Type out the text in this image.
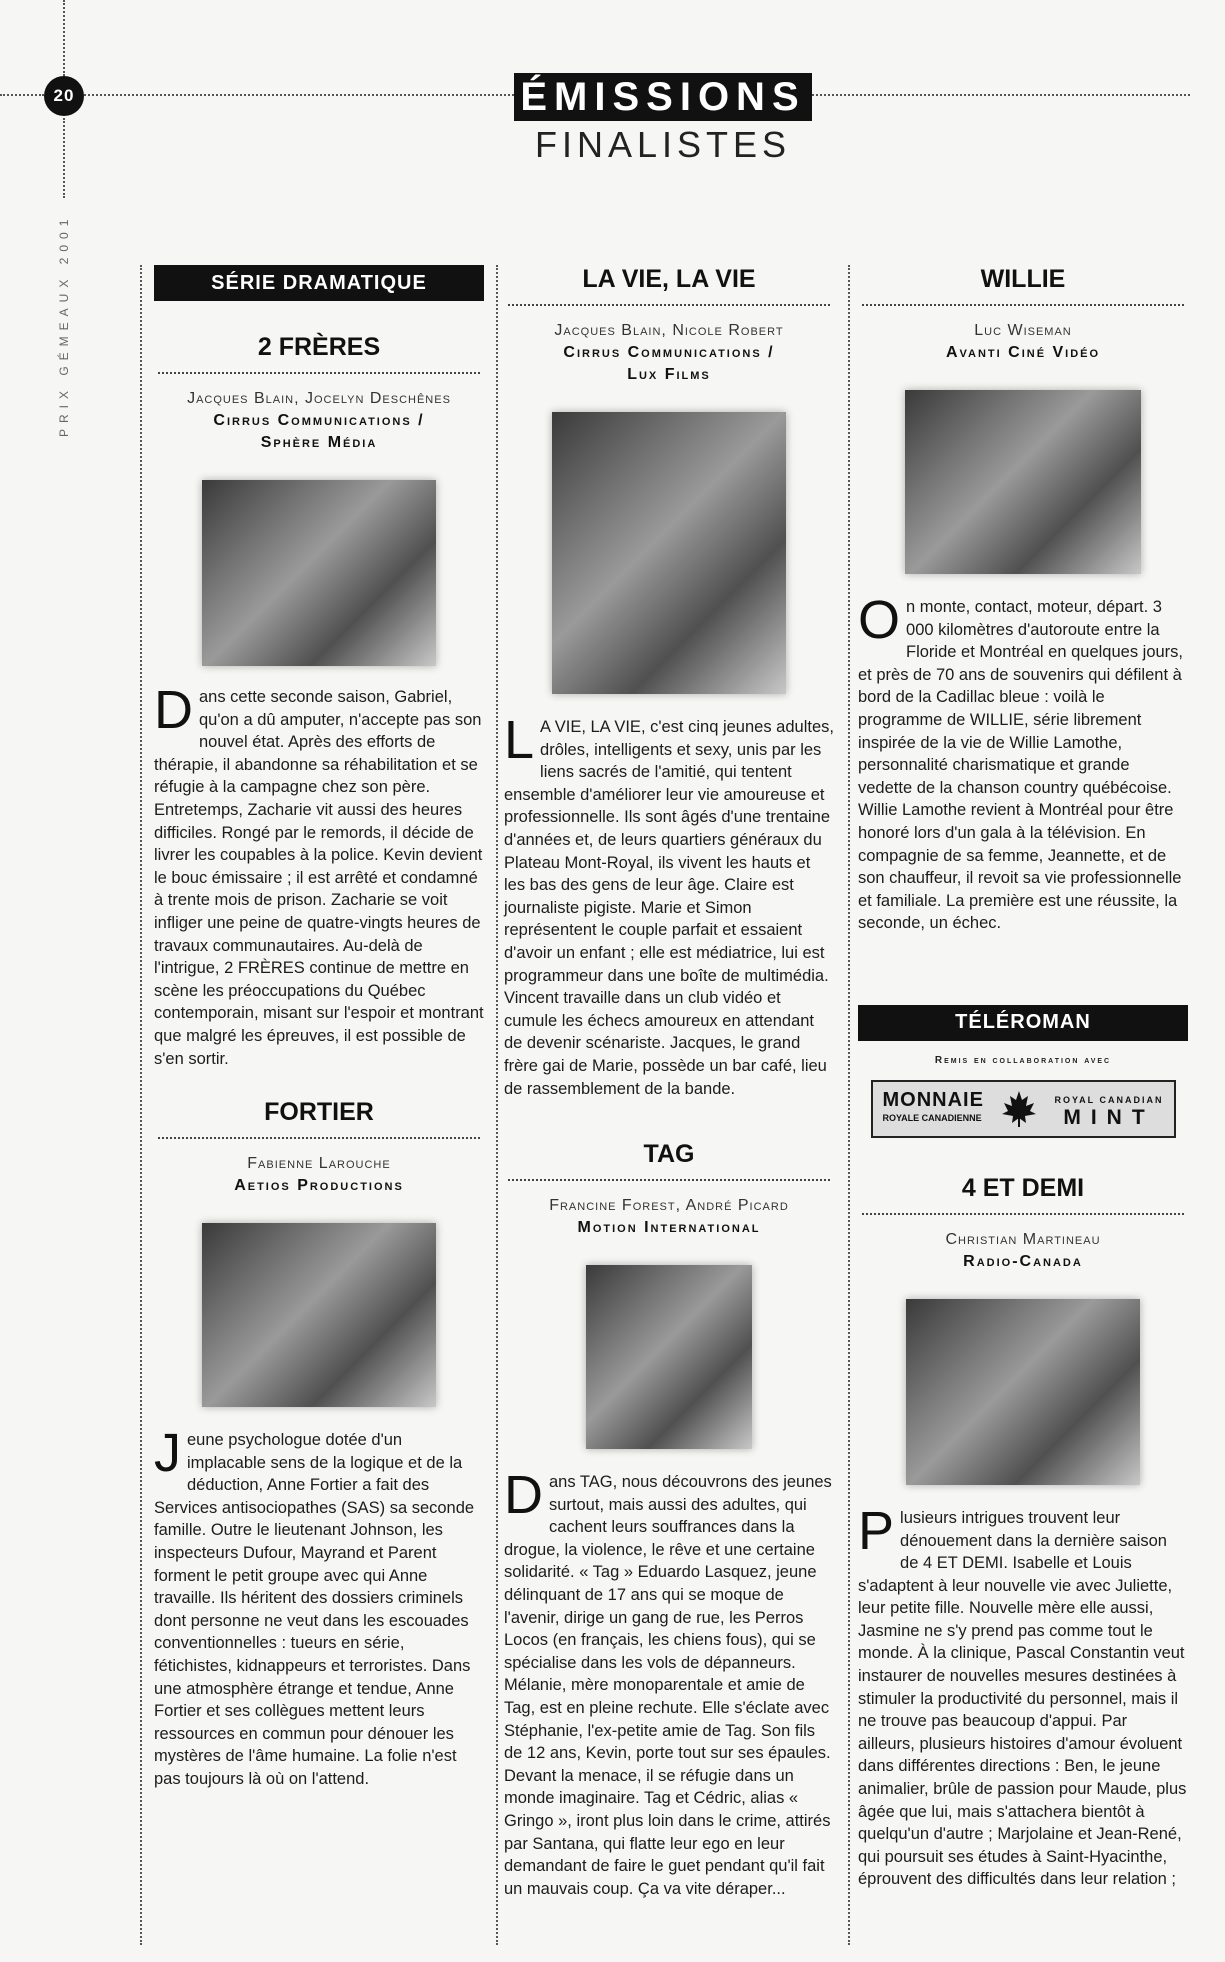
20
PRIX GÉMEAUX 2001
ÉMISSIONS
FINALISTES
SÉRIE DRAMATIQUE
2 FRÈRES
Jacques Blain, Jocelyn Deschênes
Cirrus Communications /
Sphère Média
Dans cette seconde saison, Gabriel, qu'on a dû amputer, n'accepte pas son nouvel état. Après des efforts de thérapie, il abandonne sa réhabilitation et se réfugie à la campagne chez son père. Entretemps, Zacharie vit aussi des heures difficiles. Rongé par le remords, il décide de livrer les coupables à la police. Kevin devient le bouc émissaire ; il est arrêté et condamné à trente mois de prison. Zacharie se voit infliger une peine de quatre-vingts heures de travaux communautaires. Au-delà de l'intrigue, 2 FRÈRES continue de mettre en scène les préoccupations du Québec contemporain, misant sur l'espoir et montrant que malgré les épreuves, il est possible de s'en sortir.
FORTIER
Fabienne Larouche
Aetios Productions
Jeune psychologue dotée d'un implacable sens de la logique et de la déduction, Anne Fortier a fait des Services antisociopathes (SAS) sa seconde famille. Outre le lieutenant Johnson, les inspecteurs Dufour, Mayrand et Parent forment le petit groupe avec qui Anne travaille. Ils héritent des dossiers criminels dont personne ne veut dans les escouades conventionnelles : tueurs en série, fétichistes, kidnappeurs et terroristes. Dans une atmosphère étrange et tendue, Anne Fortier et ses collègues mettent leurs ressources en commun pour dénouer les mystères de l'âme humaine. La folie n'est pas toujours là où on l'attend.
LA VIE, LA VIE
Jacques Blain, Nicole Robert
Cirrus Communications /
Lux Films
L A VIE, LA VIE, c'est cinq jeunes adultes, drôles, intelligents et sexy, unis par les liens sacrés de l'amitié, qui tentent ensemble d'améliorer leur vie amoureuse et professionnelle. Ils sont âgés d'une trentaine d'années et, de leurs quartiers généraux du Plateau Mont-Royal, ils vivent les hauts et les bas des gens de leur âge. Claire est journaliste pigiste. Marie et Simon représentent le couple parfait et essaient d'avoir un enfant ; elle est médiatrice, lui est programmeur dans une boîte de multimédia. Vincent travaille dans un club vidéo et cumule les échecs amoureux en attendant de devenir scénariste. Jacques, le grand frère gai de Marie, possède un bar café, lieu de rassemblement de la bande.
TAG
Francine Forest, André Picard
Motion International
Dans TAG, nous découvrons des jeunes surtout, mais aussi des adultes, qui cachent leurs souffrances dans la drogue, la violence, le rêve et une certaine solidarité. « Tag » Eduardo Lasquez, jeune délinquant de 17 ans qui se moque de l'avenir, dirige un gang de rue, les Perros Locos (en français, les chiens fous), qui se spécialise dans les vols de dépanneurs. Mélanie, mère monoparentale et amie de Tag, est en pleine rechute. Elle s'éclate avec Stéphanie, l'ex-petite amie de Tag. Son fils de 12 ans, Kevin, porte tout sur ses épaules. Devant la menace, il se réfugie dans un monde imaginaire. Tag et Cédric, alias « Gringo », iront plus loin dans le crime, attirés par Santana, qui flatte leur ego en leur demandant de faire le guet pendant qu'il fait un mauvais coup. Ça va vite déraper...
WILLIE
Luc Wiseman
Avanti Ciné Vidéo
On monte, contact, moteur, départ. 3 000 kilomètres d'autoroute entre la Floride et Montréal en quelques jours, et près de 70 ans de souvenirs qui défilent à bord de la Cadillac bleue : voilà le programme de WILLIE, série librement inspirée de la vie de Willie Lamothe, personnalité charismatique et grande vedette de la chanson country québécoise. Willie Lamothe revient à Montréal pour être honoré lors d'un gala à la télévision. En compagnie de sa femme, Jeannette, et de son chauffeur, il revoit sa vie professionnelle et familiale. La première est une réussite, la seconde, un échec.
TÉLÉROMAN
Remis en collaboration avec
MONNAIE
ROYALE CANADIENNE
ROYAL CANADIAN
MINT
4 ET DEMI
Christian Martineau
Radio-Canada
Plusieurs intrigues trouvent leur dénouement dans la dernière saison de 4 ET DEMI. Isabelle et Louis s'adaptent à leur nouvelle vie avec Juliette, leur petite fille. Nouvelle mère elle aussi, Jasmine ne s'y prend pas comme tout le monde. À la clinique, Pascal Constantin veut instaurer de nouvelles mesures destinées à stimuler la productivité du personnel, mais il ne trouve pas beaucoup d'appui. Par ailleurs, plusieurs histoires d'amour évoluent dans différentes directions : Ben, le jeune animalier, brûle de passion pour Maude, plus âgée que lui, mais s'attachera bientôt à quelqu'un d'autre ; Marjolaine et Jean-René, qui poursuit ses études à Saint-Hyacinthe, éprouvent des difficultés dans leur relation ;
